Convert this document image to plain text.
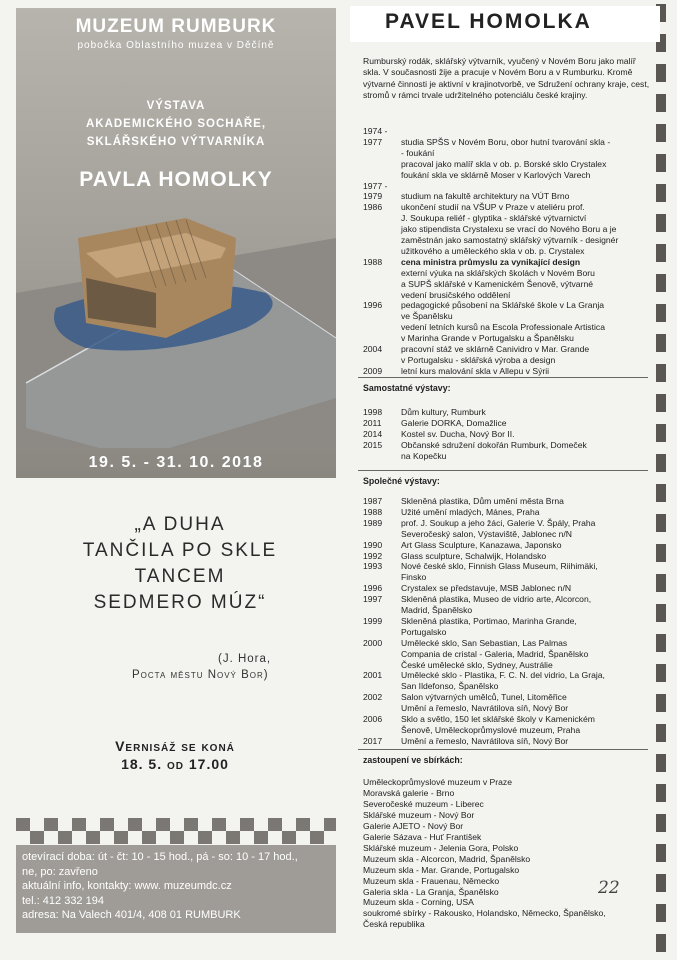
MUZEUM RUMBURK
pobočka Oblastního muzea v Děčíně
VÝSTAVA
AKADEMICKÉHO SOCHAŘE,
SKLÁŘSKÉHO VÝTVARNÍKA
PAVLA HOMOLKY
19. 5. - 31. 10. 2018
„A DUHA
TANČILA PO SKLE
TANCEM
SEDMERO MÚZ“
(J. Hora,
Pocta městu Nový Bor)
Vernisáž se koná
18. 5. od 17.00
otevírací doba: út - čt: 10 - 15 hod., pá - so: 10 - 17 hod.,
ne, po: zavřeno
aktuální info, kontakty: www. muzeumdc.cz
tel.: 412 332 194
adresa: Na Valech 401/4, 408 01 RUMBURK
PAVEL HOMOLKA
Rumburský rodák, sklářský výtvarník, vyučený v Novém Boru jako malíř skla. V současnosti žije a pracuje v Novém Boru a v Rumburku. Kromě výtvarné činnosti je aktivní v krajinotvorbě, ve Sdružení ochrany kraje, cest, stromů v rámci trvale udržitelného potenciálu české krajiny.
1974 -
1977 studia SPŠS v Novém Boru, obor hutní tvarování skla -
- foukání
pracoval jako malíř skla v ob. p. Borské sklo Crystalex
foukání skla ve sklárně Moser v Karlových Varech
1977 -
1979 studium na fakultě architektury na VÚT Brno
1986 ukončení studií na VŠUP v Praze v ateliéru prof.
J. Soukupa reliéf - glyptika - sklářské výtvarnictví
jako stipendista Crystalexu se vrací do Nového Boru a je
zaměstnán jako samostatný sklářský výtvarník - designér
užitkového a uměleckého skla v ob. p. Crystalex
1988 cena ministra průmyslu za vynikající design
externí výuka na sklářských školách v Novém Boru
a SUPŠ sklářské v Kamenickém Šenově, výtvarné
vedení brusičského oddělení
1996 pedagogické působení na Sklářské škole v La Granja
ve Španělsku
vedení letních kursů na Escola Professionale Artistica
v Marinha Grande v Portugalsku a Španělsku
2004 pracovní stáž ve sklárně Canividro v Mar. Grande
v Portugalsku - sklářská výroba a design
2009 letní kurs malování skla v Allepu v Sýrii
Samostatné výstavy:
1998 Dům kultury, Rumburk
2011 Galerie DORKA, Domažlice
2014 Kostel sv. Ducha, Nový Bor II.
2015 Občanské sdružení dokořán Rumburk, Domeček
na Kopečku
Společné výstavy:
1987 Skleněná plastika, Dům umění města Brna
1988 Užité umění mladých, Mánes, Praha
1989 prof. J. Soukup a jeho žáci, Galerie V. Špály, Praha
Severočeský salon, Výstaviště, Jablonec n/N
1990 Art Glass Sculpture, Kanazawa, Japonsko
1992 Glass sculpture, Schalwijk, Holandsko
1993 Nové české sklo, Finnish Glass Museum, Riihimäki,
Finsko
1996 Crystalex se představuje, MSB Jablonec n/N
1997 Skleněná plastika, Museo de vidrio arte, Alcorcon,
Madrid, Španělsko
1999 Skleněná plastika, Portimao, Marinha Grande,
Portugalsko
2000 Umělecké sklo, San Sebastian, Las Palmas
Compania de cristal - Galeria, Madrid, Španělsko
České umělecké sklo, Sydney, Austrálie
2001 Umělecké sklo - Plastika, F. C. N. del vidrio, La Graja,
San Ildefonso, Španělsko
2002 Salon výtvarných umělců, Tunel, Litoměřice
Umění a řemeslo, Navrátilova síň, Nový Bor
2006 Sklo a světlo, 150 let sklářské školy v Kamenickém
Šenově, Uměleckoprůmyslové muzeum, Praha
2017 Umění a řemeslo, Navrátilova síň, Nový Bor
zastoupení ve sbírkách:
Uměleckoprůmyslové muzeum v Praze
Moravská galerie - Brno
Severočeské muzeum - Liberec
Sklářské muzeum - Nový Bor
Galerie AJETO - Nový Bor
Galerie Sázava - Huť František
Sklářské muzeum - Jelenia Gora, Polsko
Muzeum skla - Alcorcon, Madrid, Španělsko
Muzeum skla - Mar. Grande, Portugalsko
Muzeum skla - Frauenau, Německo
Galeria skla - La Granja, Španělsko
Muzeum skla - Corning, USA
soukromé sbírky - Rakousko, Holandsko, Německo, Španělsko,
Česká republika
22
